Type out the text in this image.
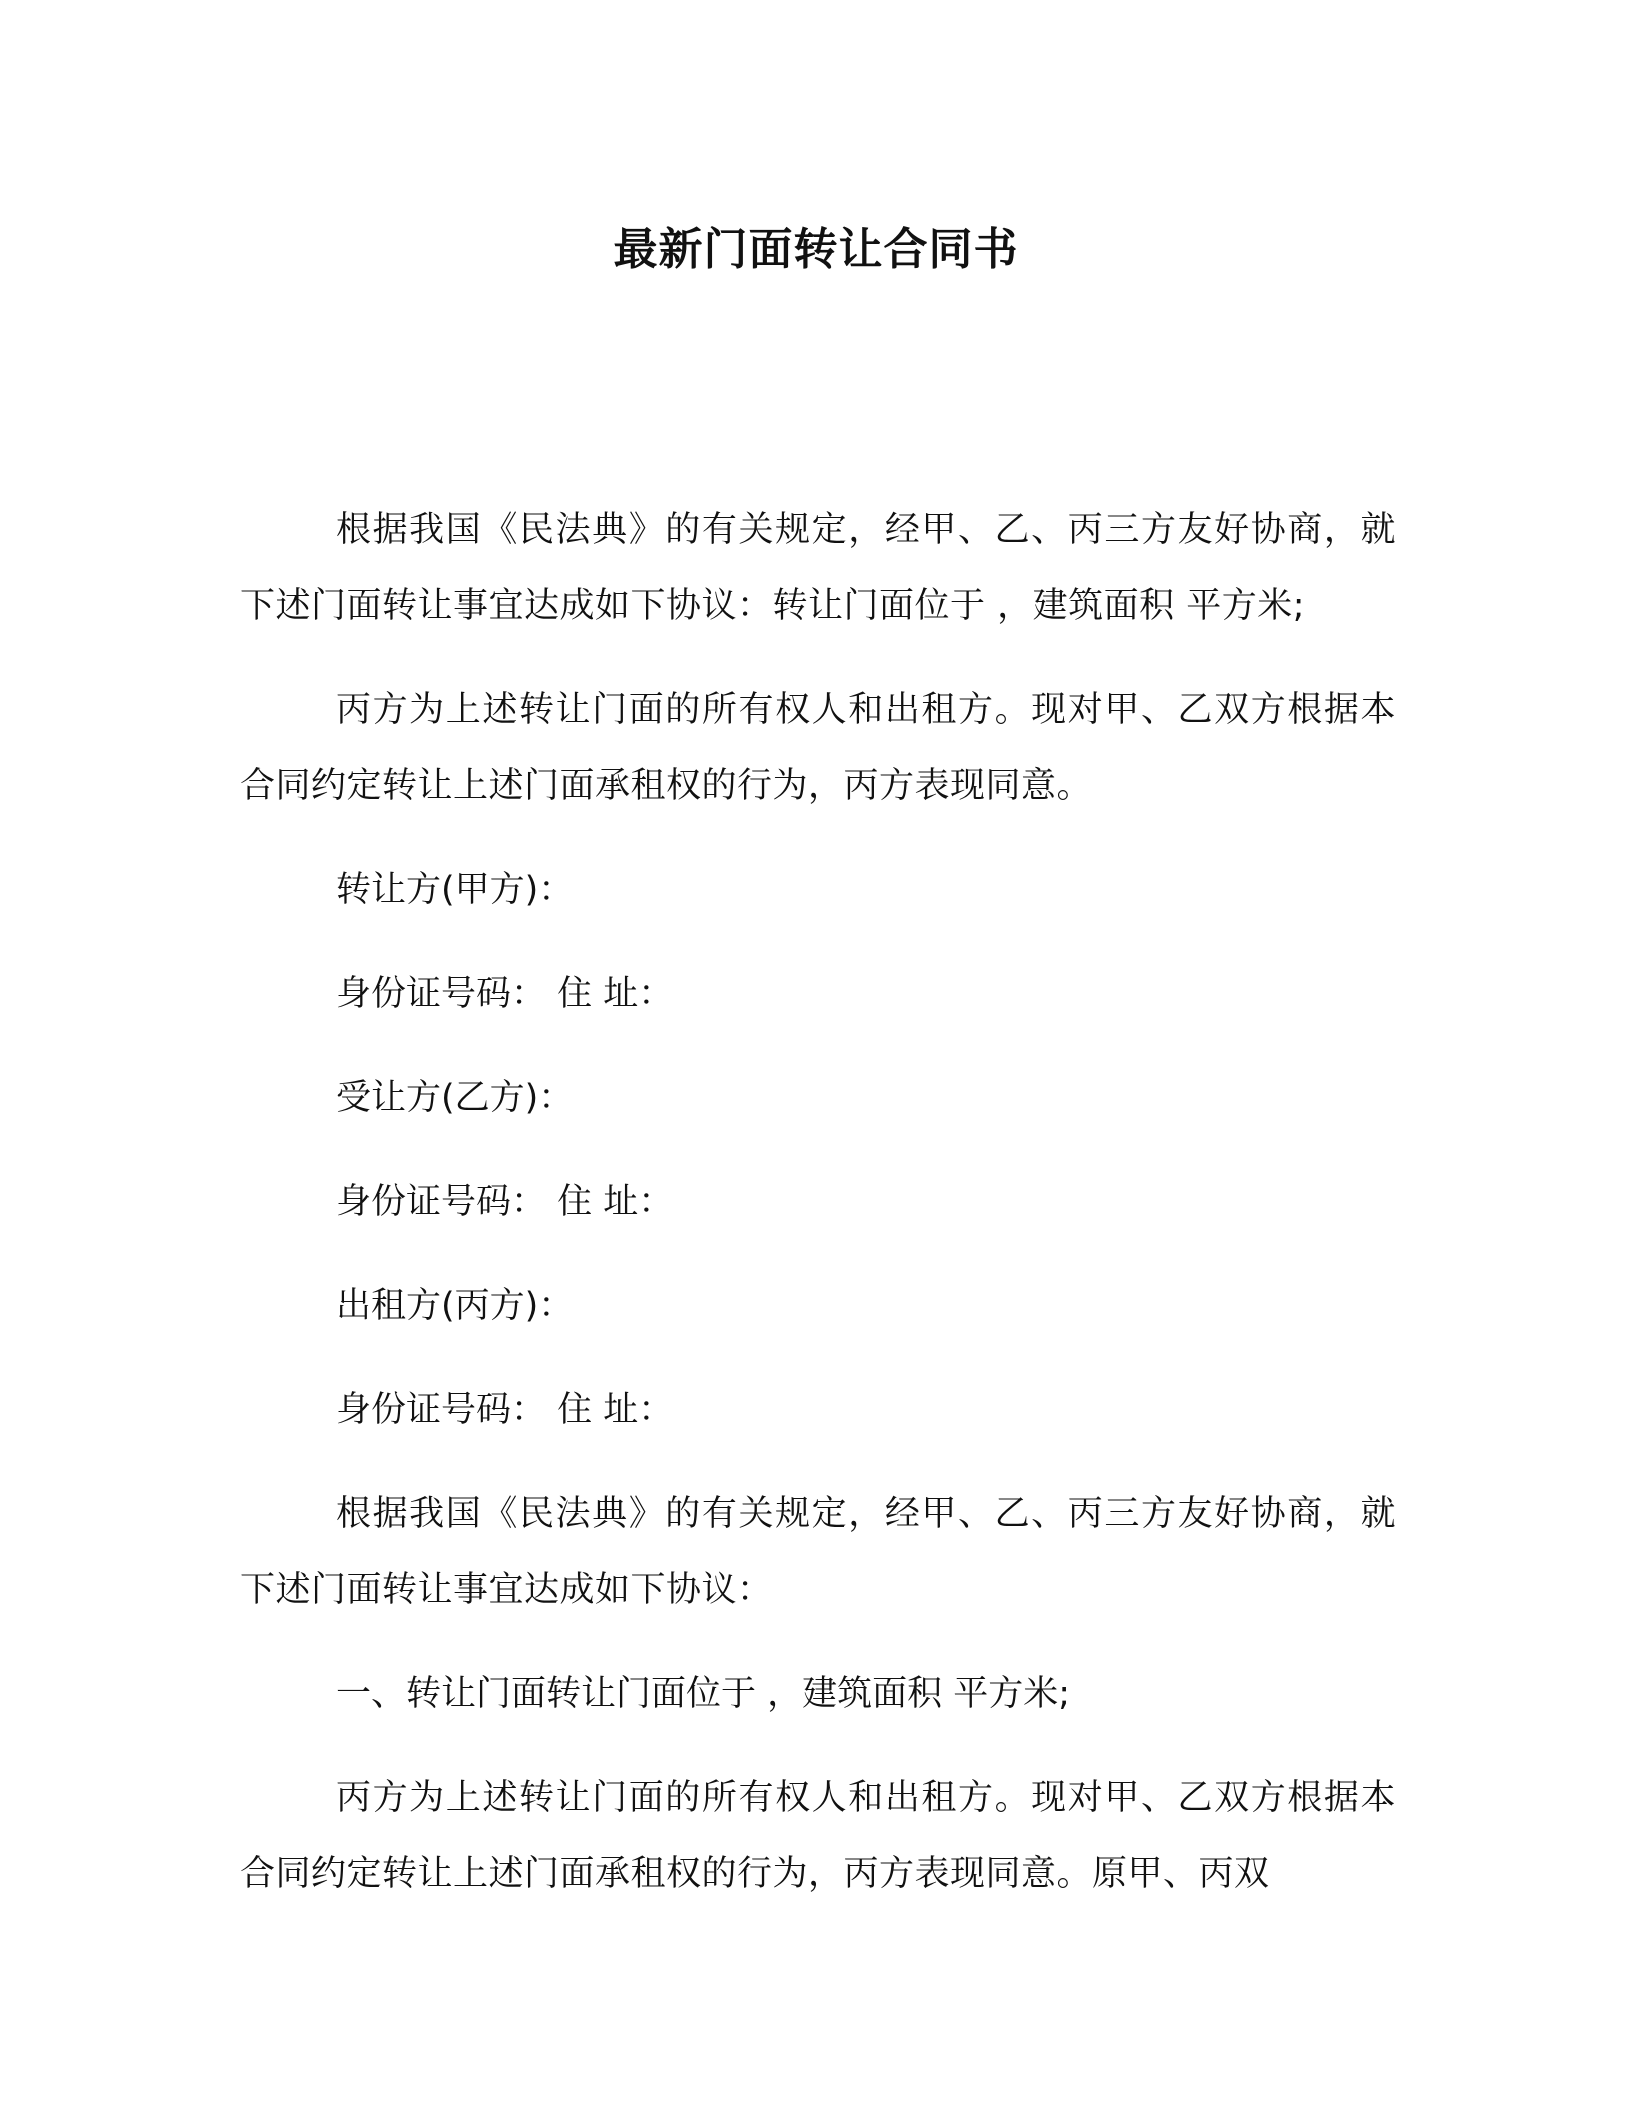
最新门面转让合同书

根据我国《民法典》的有关规定，经甲、乙、丙三方友好协商，就下述门面转让事宜达成如下协议：转让门面位于 ，建筑面积 平方米;

丙方为上述转让门面的所有权人和出租方。现对甲、乙双方根据本合同约定转让上述门面承租权的行为，丙方表现同意。

转让方(甲方)：

身份证号码： 住 址：

受让方(乙方)：

身份证号码： 住 址：

出租方(丙方)：

身份证号码： 住 址：

根据我国《民法典》的有关规定，经甲、乙、丙三方友好协商，就下述门面转让事宜达成如下协议：

一、转让门面转让门面位于 ，建筑面积 平方米;

丙方为上述转让门面的所有权人和出租方。现对甲、乙双方根据本合同约定转让上述门面承租权的行为，丙方表现同意。原甲、丙双
